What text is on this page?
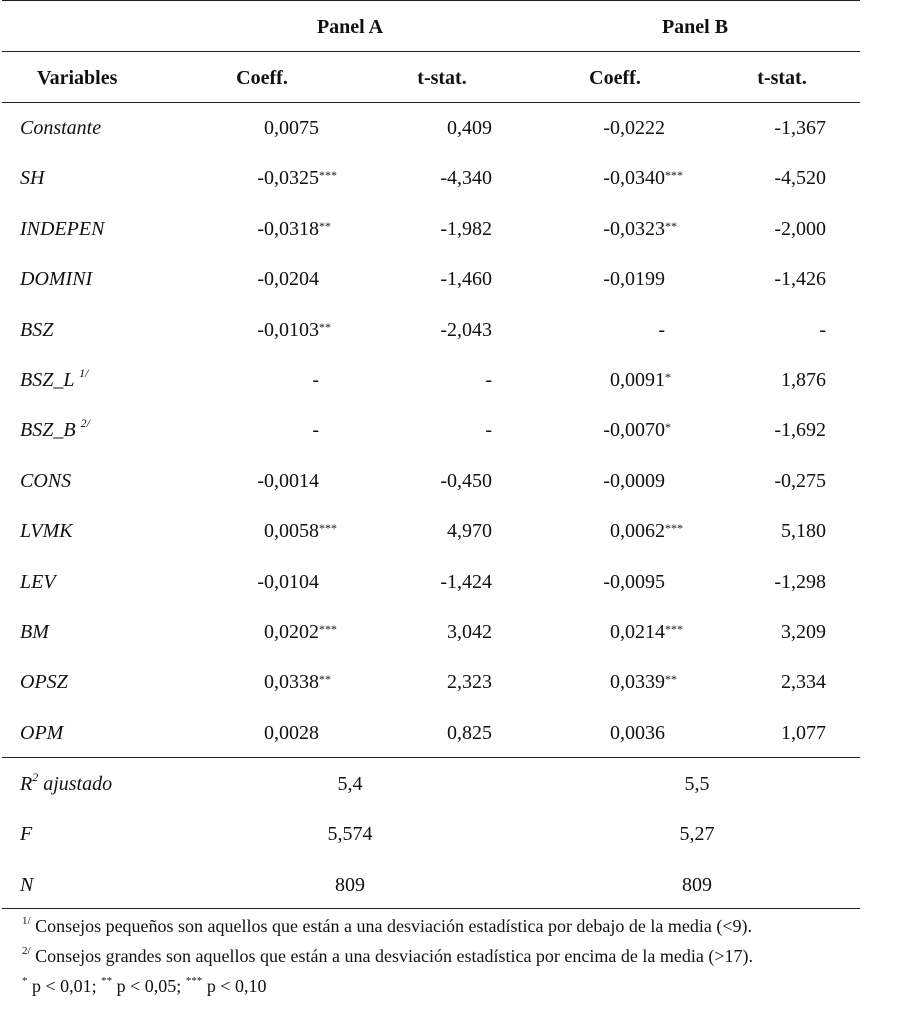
Panel A	Panel B
Variables	Coeff.	t-stat.	Coeff.	t-stat.
Constante	0,0075	0,409	-0,0222	-1,367
SH	-0,0325 ***	-4,340	-0,0340 ***	-4,520
INDEPEN	-0,0318 **	-1,982	-0,0323 **	-2,000
DOMINI	-0,0204	-1,460	-0,0199	-1,426
BSZ	-0,0103 **	-2,043	-	-
BSZ_L $^{1/}$	-	-	0,0091 *	1,876
BSZ_B $^{2/}$	-	-	-0,0070 *	-1,692
CONS	-0,0014	-0,450	-0,0009	-0,275
LVMK	0,0058 ***	4,970	0,0062 ***	5,180
LEV	-0,0104	-1,424	-0,0095	-1,298
BM	0,0202 ***	3,042	0,0214 ***	3,209
OPSZ	0,0338 **	2,323	0,0339 **	2,334
OPM	0,0028	0,825	0,0036	1,077
$R^2$ ajustado	5,4	5,5
F	5,574	5,27
N	809	809
$^{1/}$ Consejos pequeños son aquellos que están a una desviación estadística por debajo de la media (<9).
$^{2/}$ Consejos grandes son aquellos que están a una desviación estadística por encima de la media (>17).
* p < 0,01; ** p < 0,05; *** p < 0,10
